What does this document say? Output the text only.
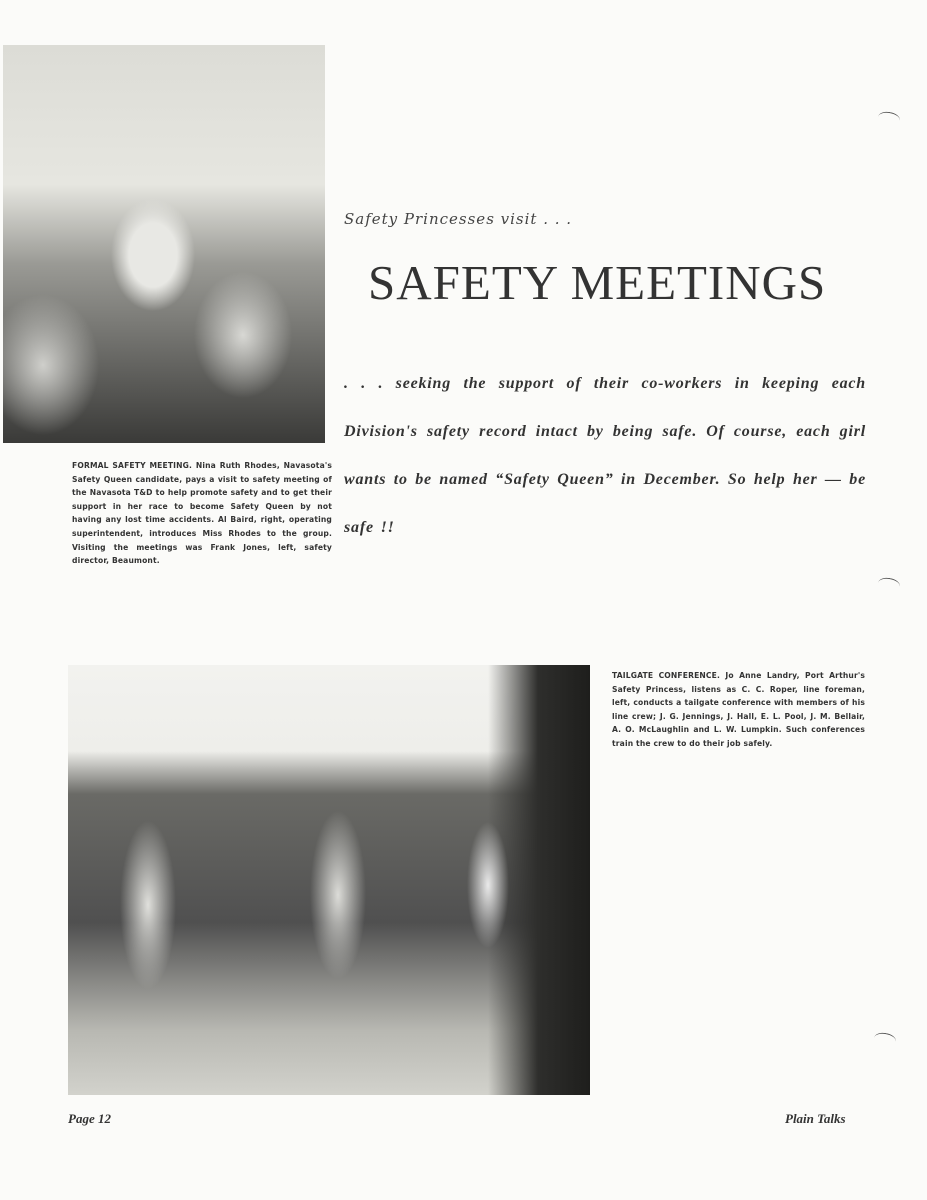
FORMAL SAFETY MEETING. Nina Ruth Rhodes, Navasota's Safety Queen candidate, pays a visit to safety meeting of the Navasota T&D to help promote safety and to get their support in her race to become Safety Queen by not having any lost time accidents. Al Baird, right, operating superintendent, introduces Miss Rhodes to the group. Visiting the meetings was Frank Jones, left, safety director, Beaumont.
Safety Princesses visit . . .
SAFETY MEETINGS
. . . seeking the support of their co-workers in keeping each Division's safety record intact by being safe. Of course, each girl wants to be named “Safety Queen” in December. So help her — be safe !!
TAILGATE CONFERENCE. Jo Anne Landry, Port Arthur's Safety Princess, listens as C. C. Roper, line foreman, left, conducts a tailgate conference with members of his line crew; J. G. Jennings, J. Hall, E. L. Pool, J. M. Bellair, A. O. McLaughlin and L. W. Lumpkin. Such conferences train the crew to do their job safely.
Page 12	Plain Talks
